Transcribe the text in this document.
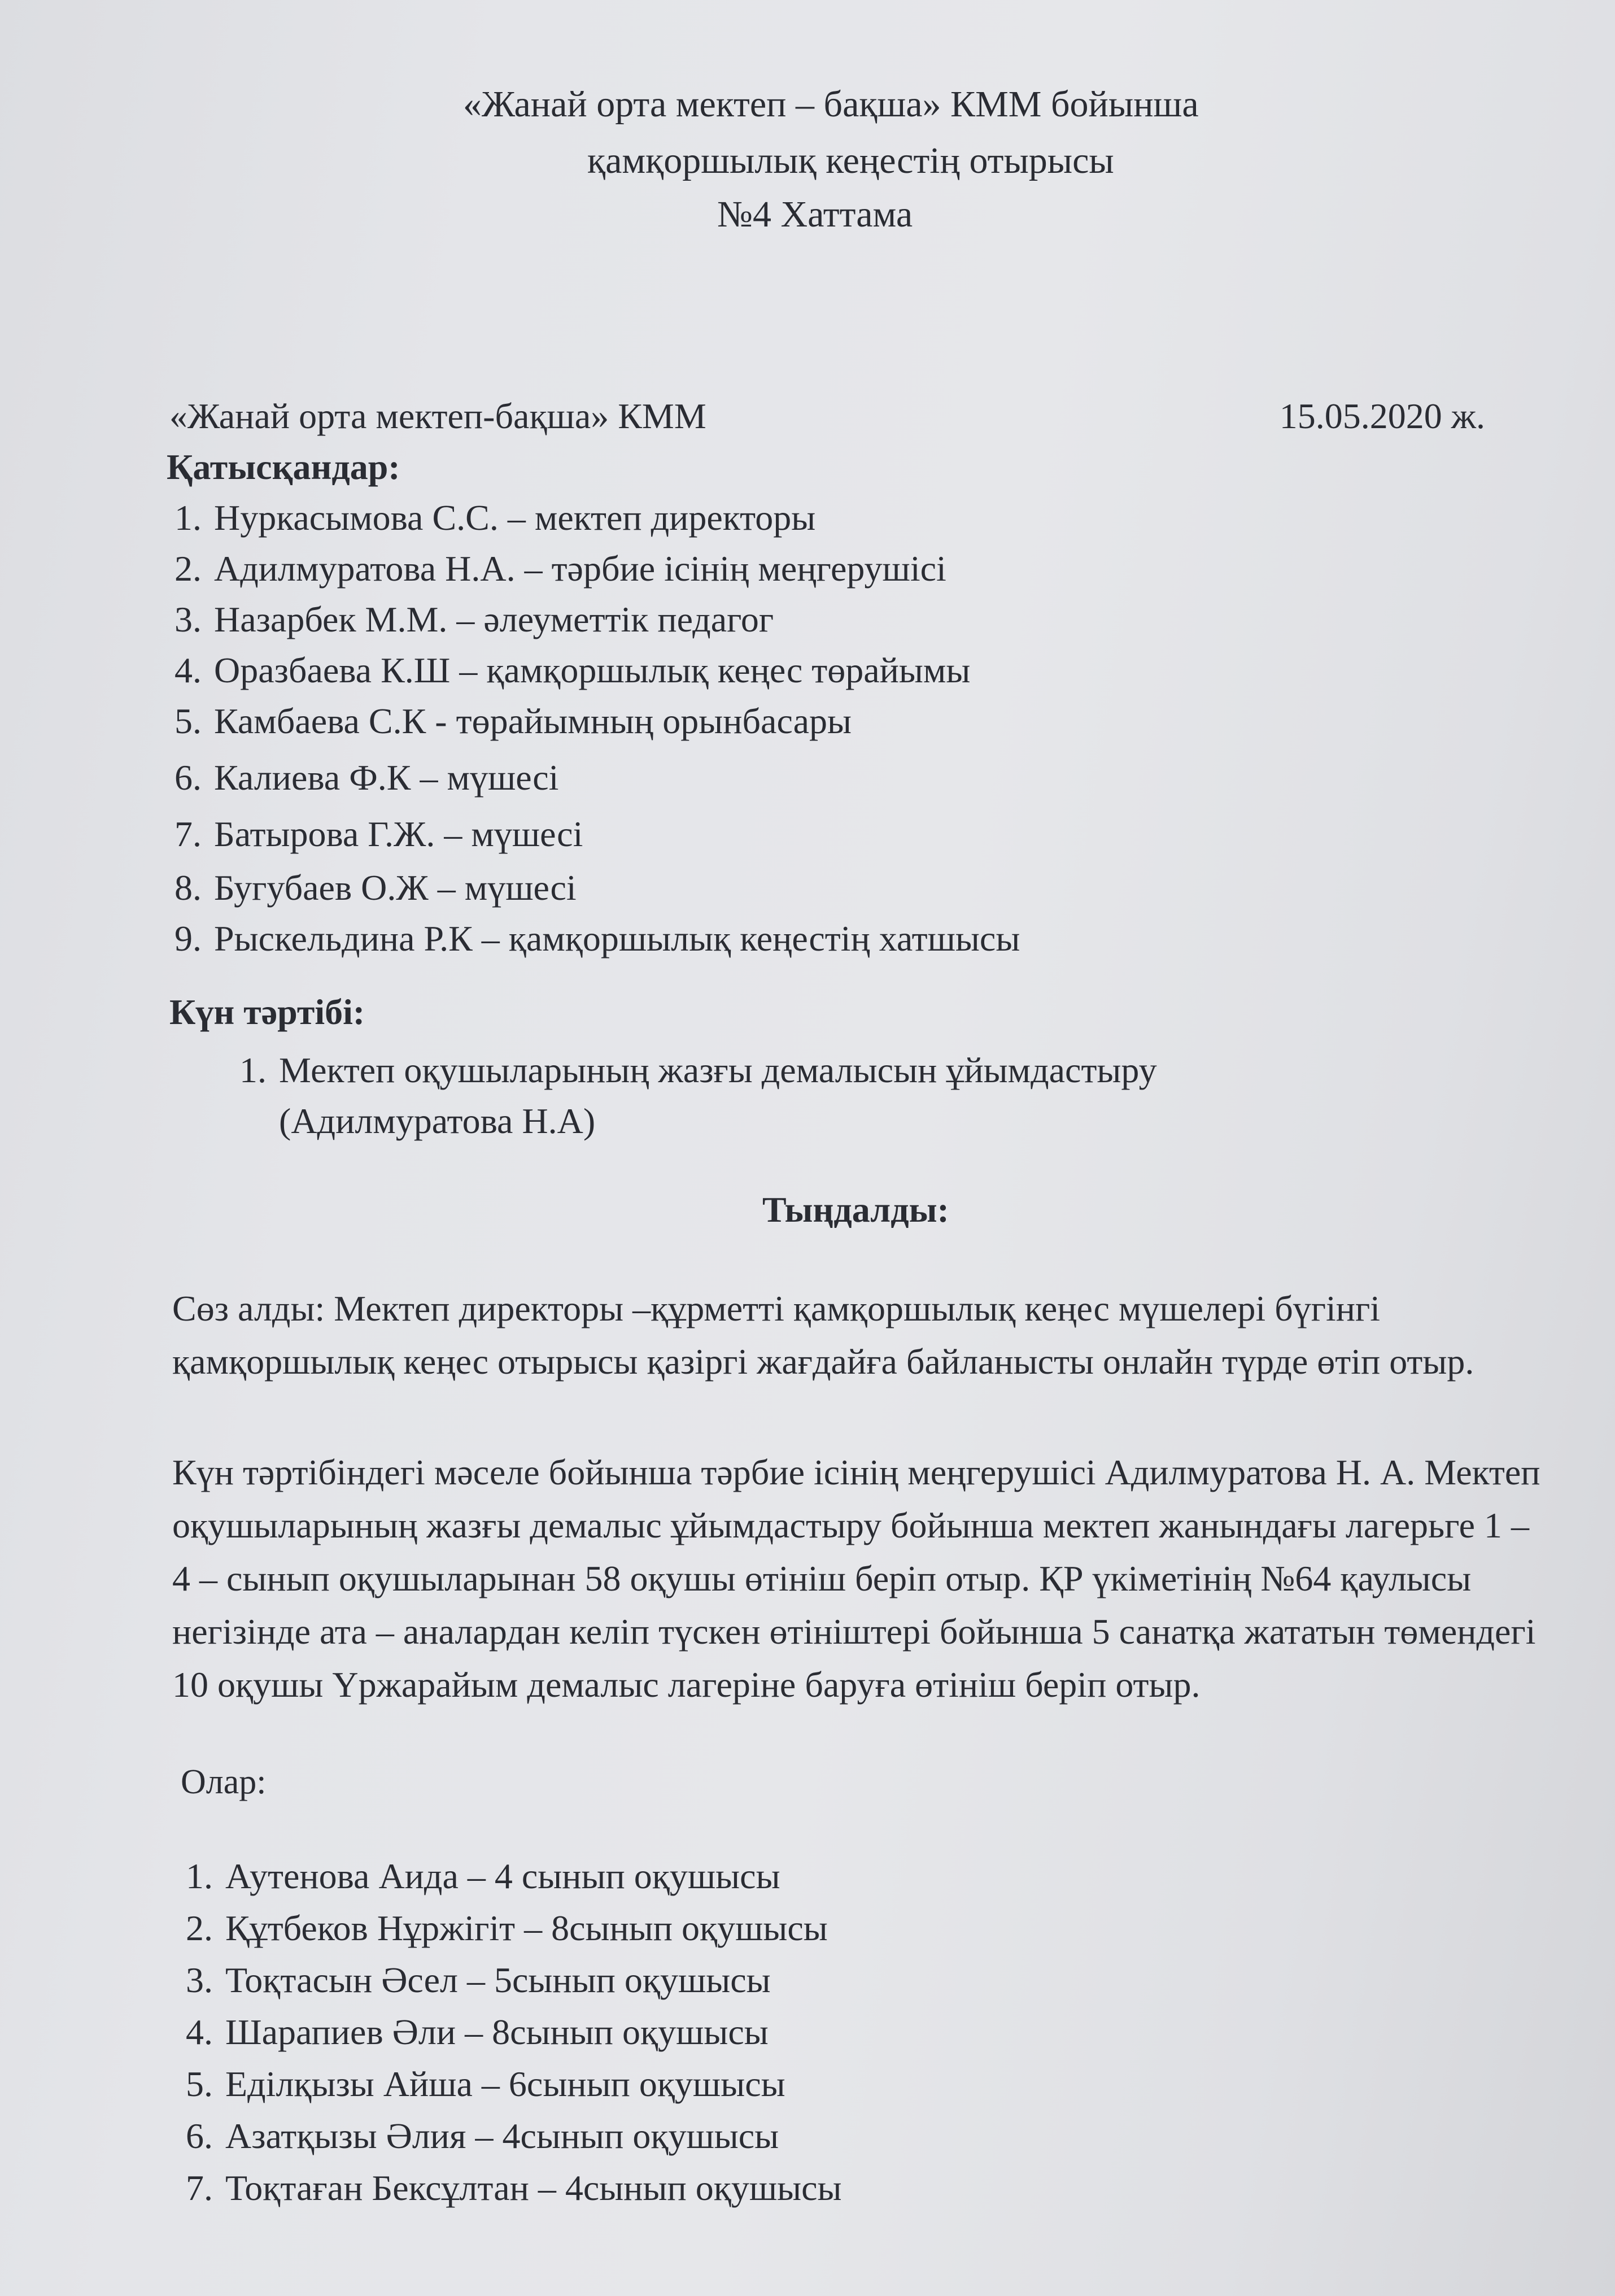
«Жанай орта мектеп – бақша» КММ бойынша
қамқоршылық кеңестің отырысы
№4 Хаттама
«Жанай орта мектеп-бақша» КММ	15.05.2020 ж.
Қатысқандар:
1. Нуркасымова С.С. – мектеп директоры
2. Адилмуратова Н.А. – тәрбие ісінің меңгерушісі
3. Назарбек М.М. – әлеуметтік педагог
4. Оразбаева К.Ш – қамқоршылық кеңес төрайымы
5. Камбаева С.К - төрайымның орынбасары
6. Калиева Ф.К – мүшесі
7. Батырова Г.Ж. – мүшесі
8. Бугубаев О.Ж – мүшесі
9. Рыскельдина Р.К – қамқоршылық кеңестің хатшысы
Күн тәртібі:
1. Мектеп оқушыларының жазғы демалысын ұйымдастыру
(Адилмуратова Н.А)
Тыңдалды:
Сөз алды: Мектеп директоры –құрметті қамқоршылық кеңес мүшелері бүгінгі қамқоршылық кеңес отырысы қазіргі жағдайға байланысты онлайн түрде өтіп отыр.
Күн тәртібіндегі мәселе бойынша тәрбие ісінің меңгерушісі Адилмуратова Н. А. Мектеп оқушыларының жазғы демалыс ұйымдастыру бойынша мектеп жанындағы лагерьге 1 – 4 – сынып оқушыларынан 58 оқушы өтініш беріп отыр. ҚР үкіметінің №64 қаулысы негізінде ата – аналардан келіп түскен өтініштері бойынша 5 санатқа жататын төмендегі 10 оқушы Үржарайым демалыс лагеріне баруға өтініш беріп отыр.
Олар:
1. Аутенова Аида – 4 сынып оқушысы
2. Құтбеков Нұржігіт – 8сынып оқушысы
3. Тоқтасын Әсел – 5сынып оқушысы
4. Шарапиев Әли – 8сынып оқушысы
5. Еділқызы Айша – 6сынып оқушысы
6. Азатқызы Әлия – 4сынып оқушысы
7. Тоқтаған Бексұлтан – 4сынып оқушысы
